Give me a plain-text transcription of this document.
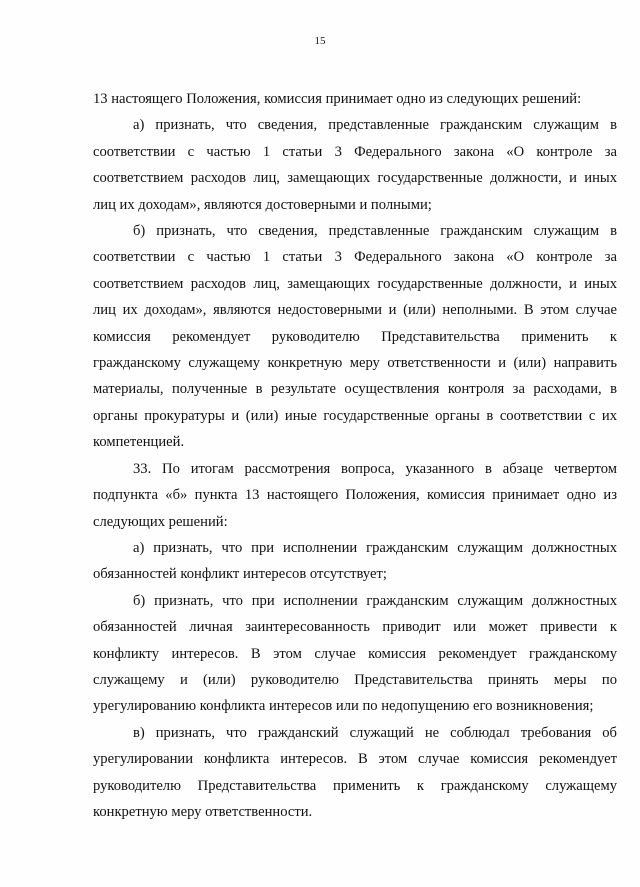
15

13 настоящего Положения, комиссия принимает одно из следующих решений:

а) признать, что сведения, представленные гражданским служащим в соответствии с частью 1 статьи 3 Федерального закона «О контроле за соответствием расходов лиц, замещающих государственные должности, и иных лиц их доходам», являются достоверными и полными;

б) признать, что сведения, представленные гражданским служащим в соответствии с частью 1 статьи 3 Федерального закона «О контроле за соответствием расходов лиц, замещающих государственные должности, и иных лиц их доходам», являются недостоверными и (или) неполными. В этом случае комиссия рекомендует руководителю Представительства применить к гражданскому служащему конкретную меру ответственности и (или) направить материалы, полученные в результате осуществления контроля за расходами, в органы прокуратуры и (или) иные государственные органы в соответствии с их компетенцией.

33. По итогам рассмотрения вопроса, указанного в абзаце четвертом подпункта «б» пункта 13 настоящего Положения, комиссия принимает одно из следующих решений:

а) признать, что при исполнении гражданским служащим должностных обязанностей конфликт интересов отсутствует;

б) признать, что при исполнении гражданским служащим должностных обязанностей личная заинтересованность приводит или может привести к конфликту интересов. В этом случае комиссия рекомендует гражданскому служащему и (или) руководителю Представительства принять меры по урегулированию конфликта интересов или по недопущению его возникновения;

в) признать, что гражданский служащий не соблюдал требования об урегулировании конфликта интересов. В этом случае комиссия рекомендует руководителю Представительства применить к гражданскому служащему конкретную меру ответственности.
